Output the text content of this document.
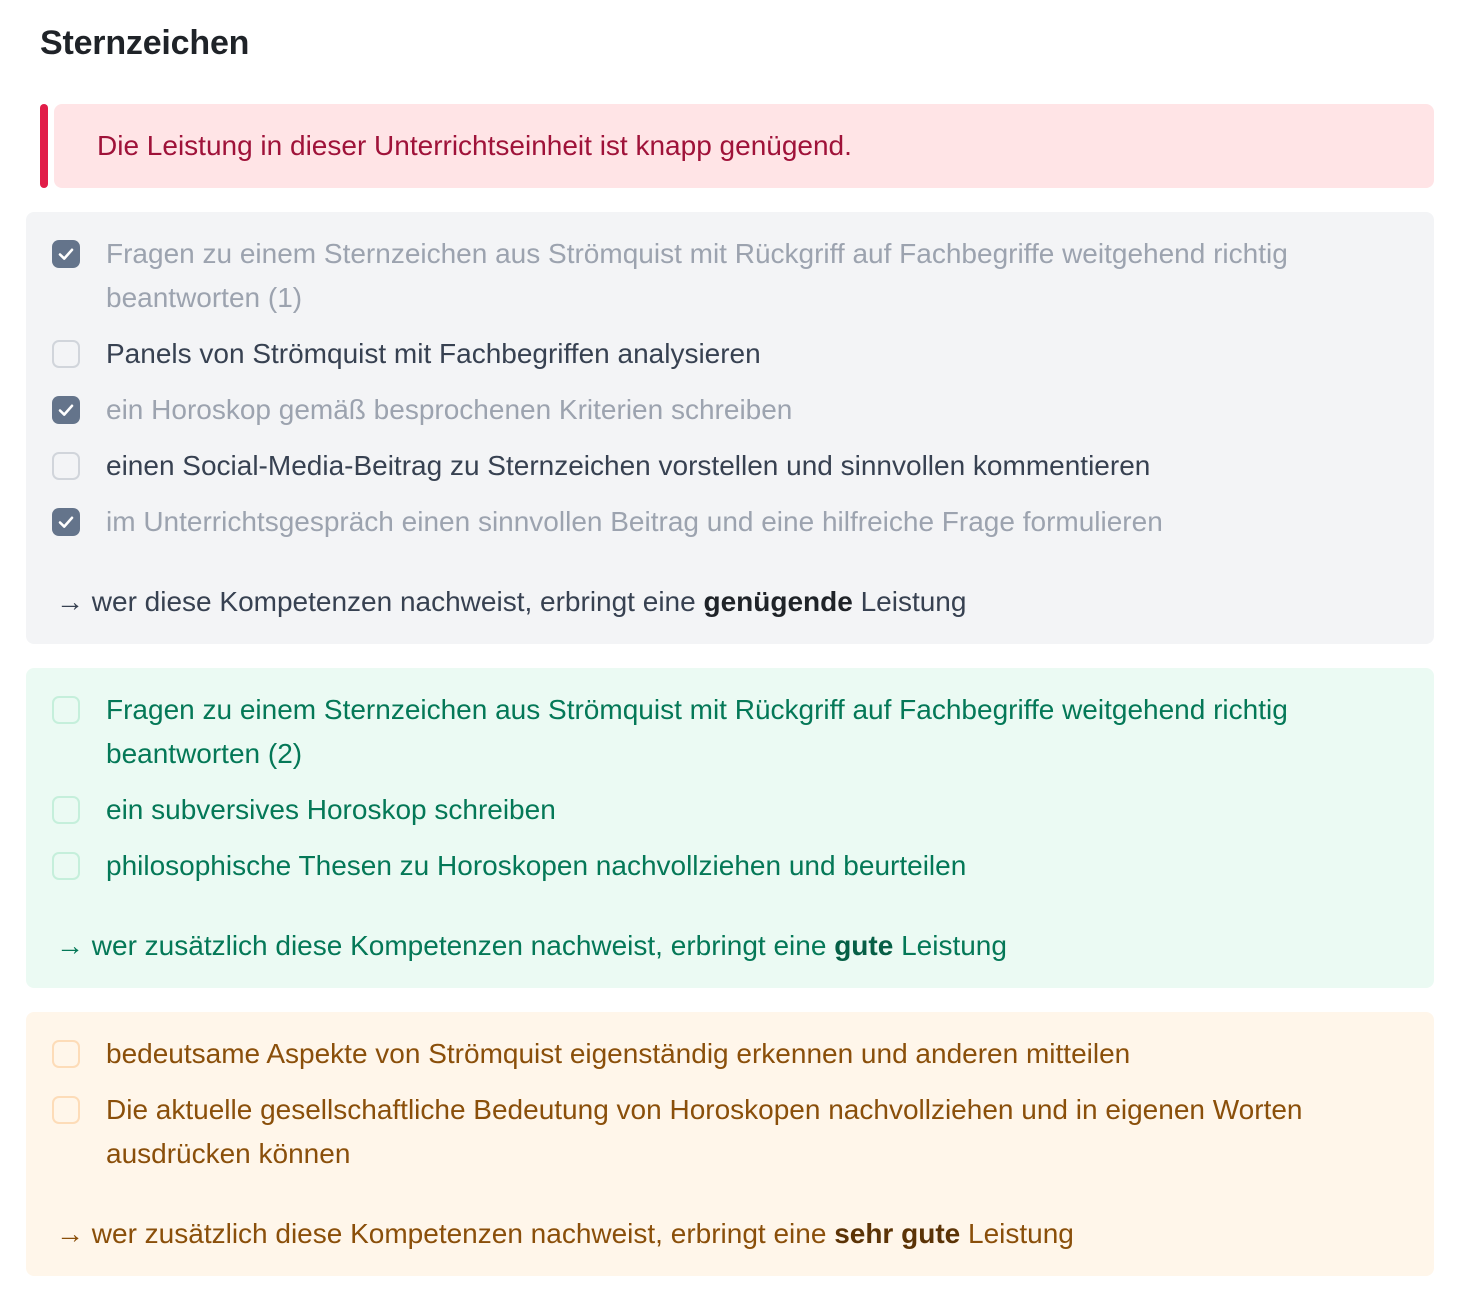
Sternzeichen
Die Leistung in dieser Unterrichtseinheit ist knapp genügend.
Fragen zu einem Sternzeichen aus Strömquist mit Rückgriff auf Fachbegriffe weitgehend richtig beantworten (1)
Panels von Strömquist mit Fachbegriffen analysieren
ein Horoskop gemäß besprochenen Kriterien schreiben
einen Social-Media-Beitrag zu Sternzeichen vorstellen und sinnvollen kommentieren
im Unterrichtsgespräch einen sinnvollen Beitrag und eine hilfreiche Frage formulieren
→ wer diese Kompetenzen nachweist, erbringt eine genügende Leistung
Fragen zu einem Sternzeichen aus Strömquist mit Rückgriff auf Fachbegriffe weitgehend richtig beantworten (2)
ein subversives Horoskop schreiben
philosophische Thesen zu Horoskopen nachvollziehen und beurteilen
→ wer zusätzlich diese Kompetenzen nachweist, erbringt eine gute Leistung
bedeutsame Aspekte von Strömquist eigenständig erkennen und anderen mitteilen
Die aktuelle gesellschaftliche Bedeutung von Horoskopen nachvollziehen und in eigenen Worten ausdrücken können
→ wer zusätzlich diese Kompetenzen nachweist, erbringt eine sehr gute Leistung
